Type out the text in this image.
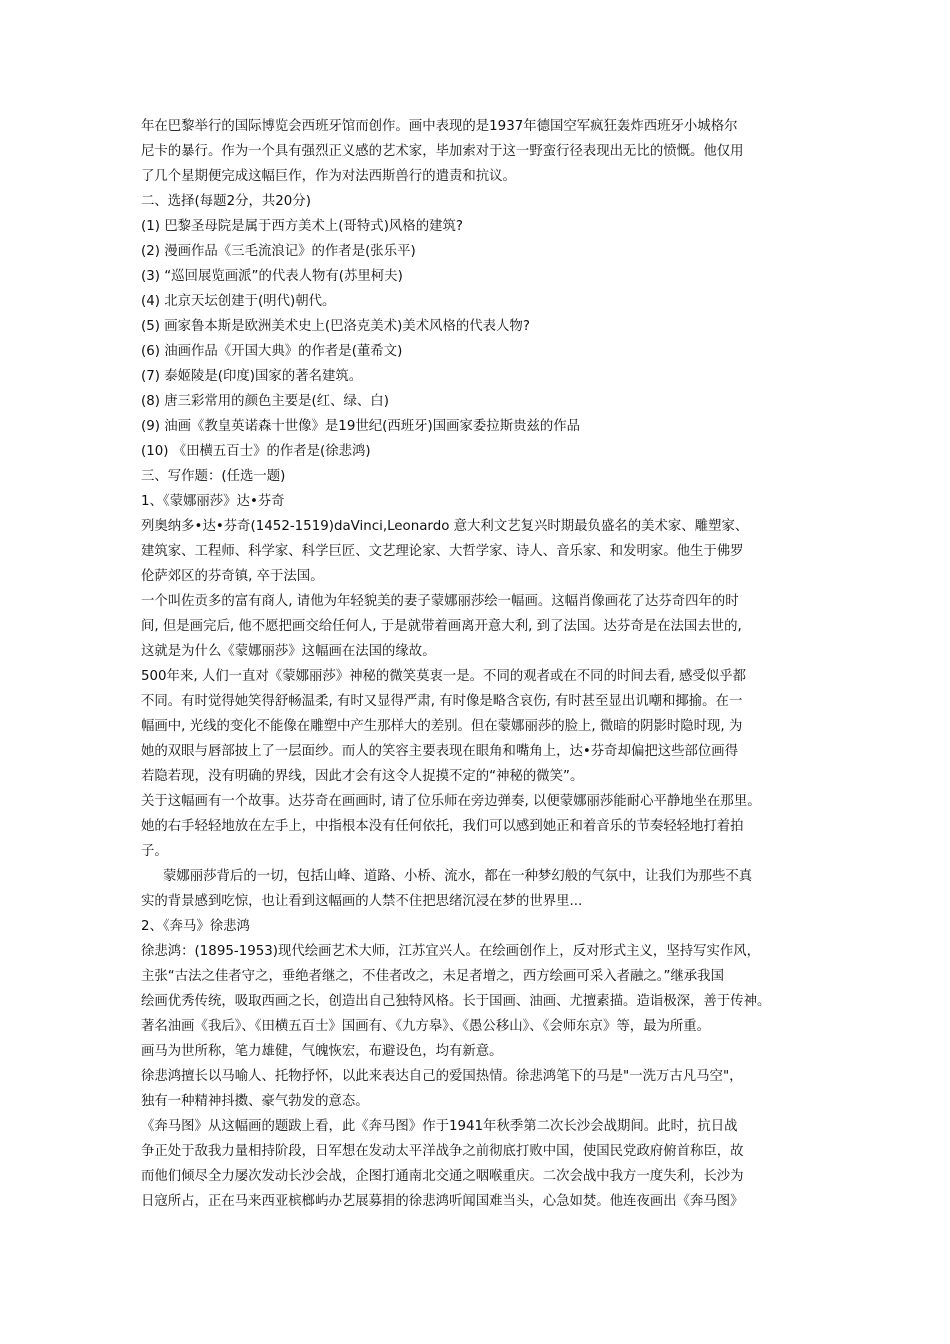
年在巴黎举行的国际博览会西班牙馆而创作。画中表现的是1937年德国空军疯狂轰炸西班牙小城格尔
尼卡的暴行。作为一个具有强烈正义感的艺术家，毕加索对于这一野蛮行径表现出无比的愤慨。他仅用
了几个星期便完成这幅巨作，作为对法西斯兽行的遣责和抗议。
二、选择(每题2分，共20分)
(1) 巴黎圣母院是属于西方美术上(哥特式)风格的建筑?
(2) 漫画作品《三毛流浪记》的作者是(张乐平)
(3) “巡回展览画派”的代表人物有(苏里柯夫)
(4) 北京天坛创建于(明代)朝代。
(5) 画家鲁本斯是欧洲美术史上(巴洛克美术)美术风格的代表人物?
(6) 油画作品《开国大典》的作者是(董希文)
(7) 泰姬陵是(印度)国家的著名建筑。
(8) 唐三彩常用的颜色主要是(红、绿、白)
(9) 油画《教皇英诺森十世像》是19世纪(西班牙)国画家委拉斯贵兹的作品
(10) 《田横五百士》的作者是(徐悲鸿)
三、写作题：(任选一题)
1、《蒙娜丽莎》达•芬奇
列奥纳多•达•芬奇(1452-1519)daVinci,Leonardo 意大利文艺复兴时期最负盛名的美术家、雕塑家、
建筑家、工程师、科学家、科学巨匠、文艺理论家、大哲学家、诗人、音乐家、和发明家。他生于佛罗
伦萨郊区的芬奇镇, 卒于法国。
一个叫佐贡多的富有商人, 请他为年轻貌美的妻子蒙娜丽莎绘一幅画。这幅肖像画花了达芬奇四年的时
间, 但是画完后, 他不愿把画交给任何人, 于是就带着画离开意大利, 到了法国。达芬奇是在法国去世的,
这就是为什么《蒙娜丽莎》这幅画在法国的缘故。
500年来, 人们一直对《蒙娜丽莎》神秘的微笑莫衷一是。不同的观者或在不同的时间去看, 感受似乎都
不同。有时觉得她笑得舒畅温柔, 有时又显得严肃, 有时像是略含哀伤, 有时甚至显出讥嘲和揶揄。在一
幅画中, 光线的变化不能像在雕塑中产生那样大的差别。但在蒙娜丽莎的脸上, 微暗的阴影时隐时现, 为
她的双眼与唇部披上了一层面纱。而人的笑容主要表现在眼角和嘴角上，达•芬奇却偏把这些部位画得
若隐若现，没有明确的界线，因此才会有这令人捉摸不定的“神秘的微笑”。
关于这幅画有一个故事。达芬奇在画画时, 请了位乐师在旁边弹奏, 以便蒙娜丽莎能耐心平静地坐在那里。
她的右手轻轻地放在左手上，中指根本没有任何依托，我们可以感到她正和着音乐的节奏轻轻地打着拍
子。
蒙娜丽莎背后的一切，包括山峰、道路、小桥、流水，都在一种梦幻般的气氛中，让我们为那些不真
实的背景感到吃惊，也让看到这幅画的人禁不住把思绪沉浸在梦的世界里...
2、《奔马》徐悲鸿
徐悲鸿：(1895-1953)现代绘画艺术大师，江苏宜兴人。在绘画创作上，反对形式主义，坚持写实作风，
主张“古法之佳者守之，垂绝者继之，不佳者改之，未足者增之，西方绘画可采入者融之。”继承我国
绘画优秀传统，吸取西画之长，创造出自己独特风格。长于国画、油画、尤擅素描。造诣极深，善于传神。
著名油画《我后》、《田横五百士》国画有、《九方皋》、《愚公移山》、《会师东京》等，最为所重。
画马为世所称，笔力雄健，气魄恢宏，布避设色，均有新意。
徐悲鸿擅长以马喻人、托物抒怀，以此来表达自己的爱国热情。徐悲鸿笔下的马是"一洗万古凡马空"，
独有一种精神抖擞、豪气勃发的意态。
《奔马图》从这幅画的题跋上看，此《奔马图》作于1941年秋季第二次长沙会战期间。此时，抗日战
争正处于敌我力量相持阶段，日军想在发动太平洋战争之前彻底打败中国，使国民党政府俯首称臣，故
而他们倾尽全力屡次发动长沙会战，企图打通南北交通之咽喉重庆。二次会战中我方一度失利，长沙为
日寇所占，正在马来西亚槟榔屿办艺展募捐的徐悲鸿听闻国难当头，心急如焚。他连夜画出《奔马图》
